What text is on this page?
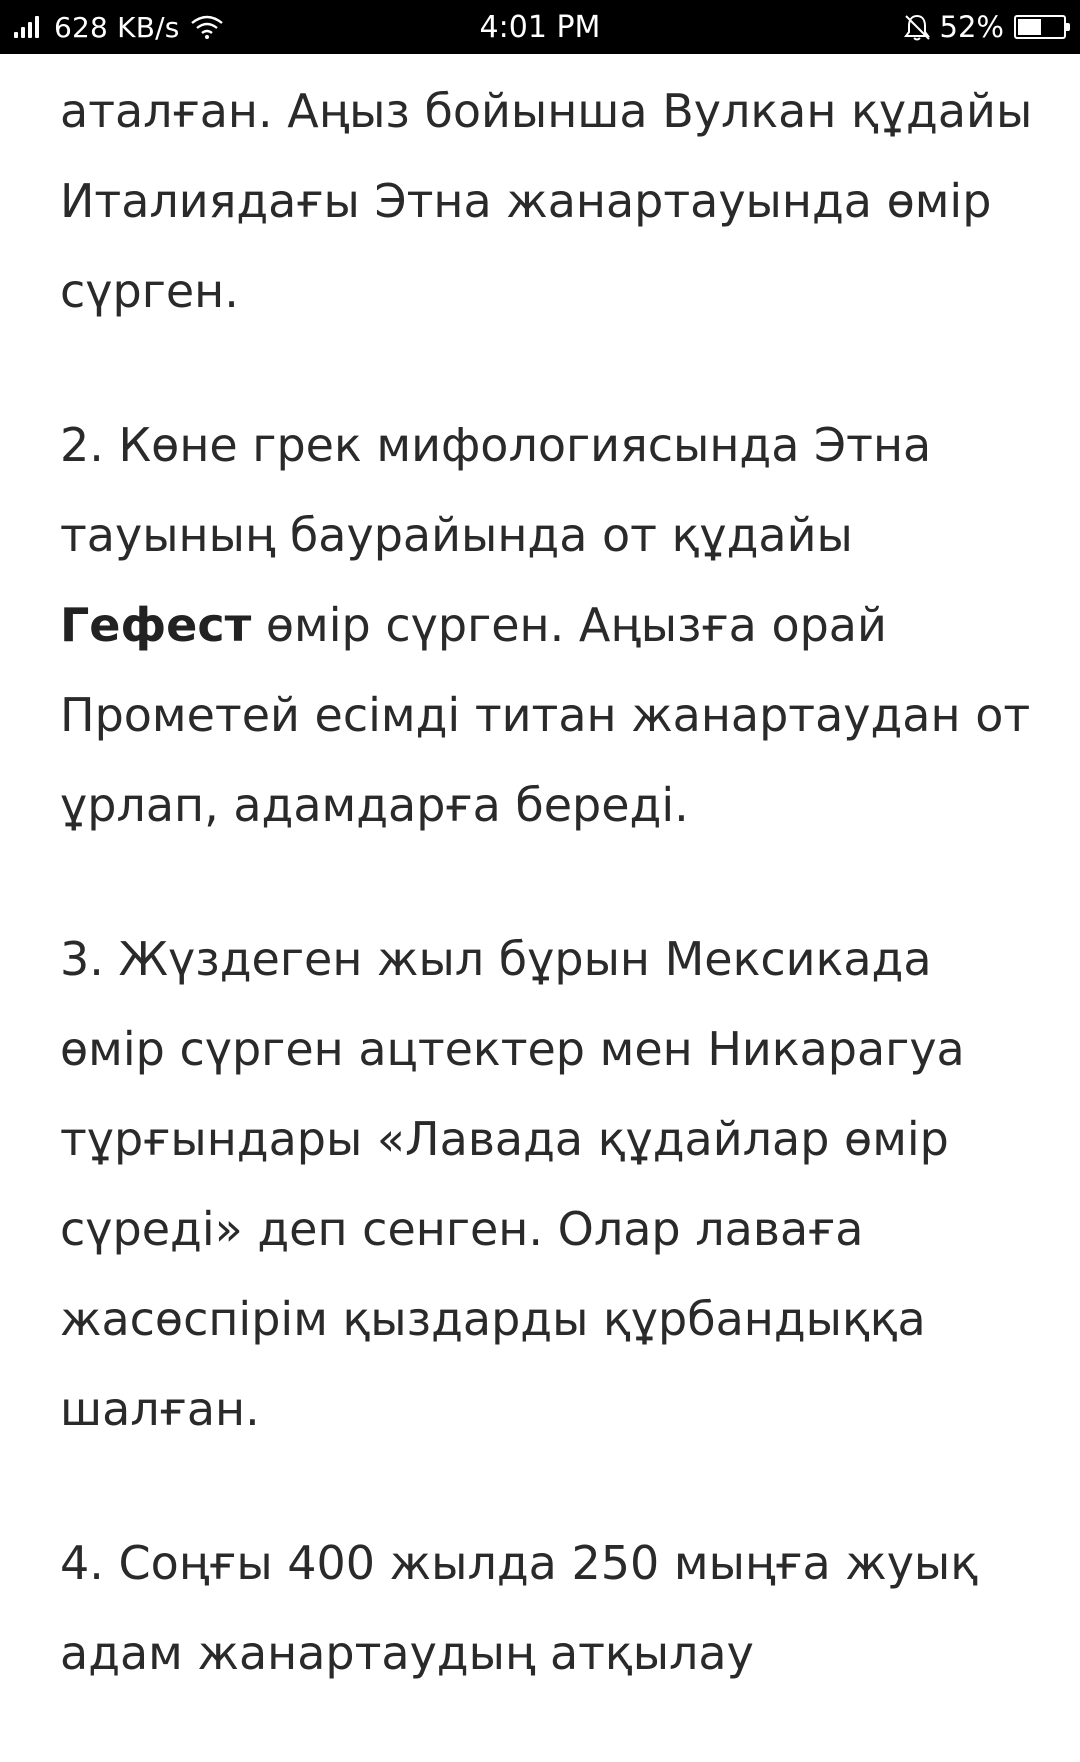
628 KB/s	4:01 PM	52%

аталған. Аңыз бойынша Вулкан құдайы Италиядағы Этна жанартауында өмір сүрген.

2. Көне грек мифологиясында Этна тауының баурайында от құдайы Гефест өмір сүрген. Аңызға орай Прометей есімді титан жанартаудан от ұрлап, адамдарға береді.

3. Жүздеген жыл бұрын Мексикада өмір сүрген ацтектер мен Никарагуа тұрғындары «Лавада құдайлар өмір сүреді» деп сенген. Олар лаваға жасөспірім қыздарды құрбандыққа шалған.

4. Соңғы 400 жылда 250 мыңға жуық адам жанартаудың атқылау
